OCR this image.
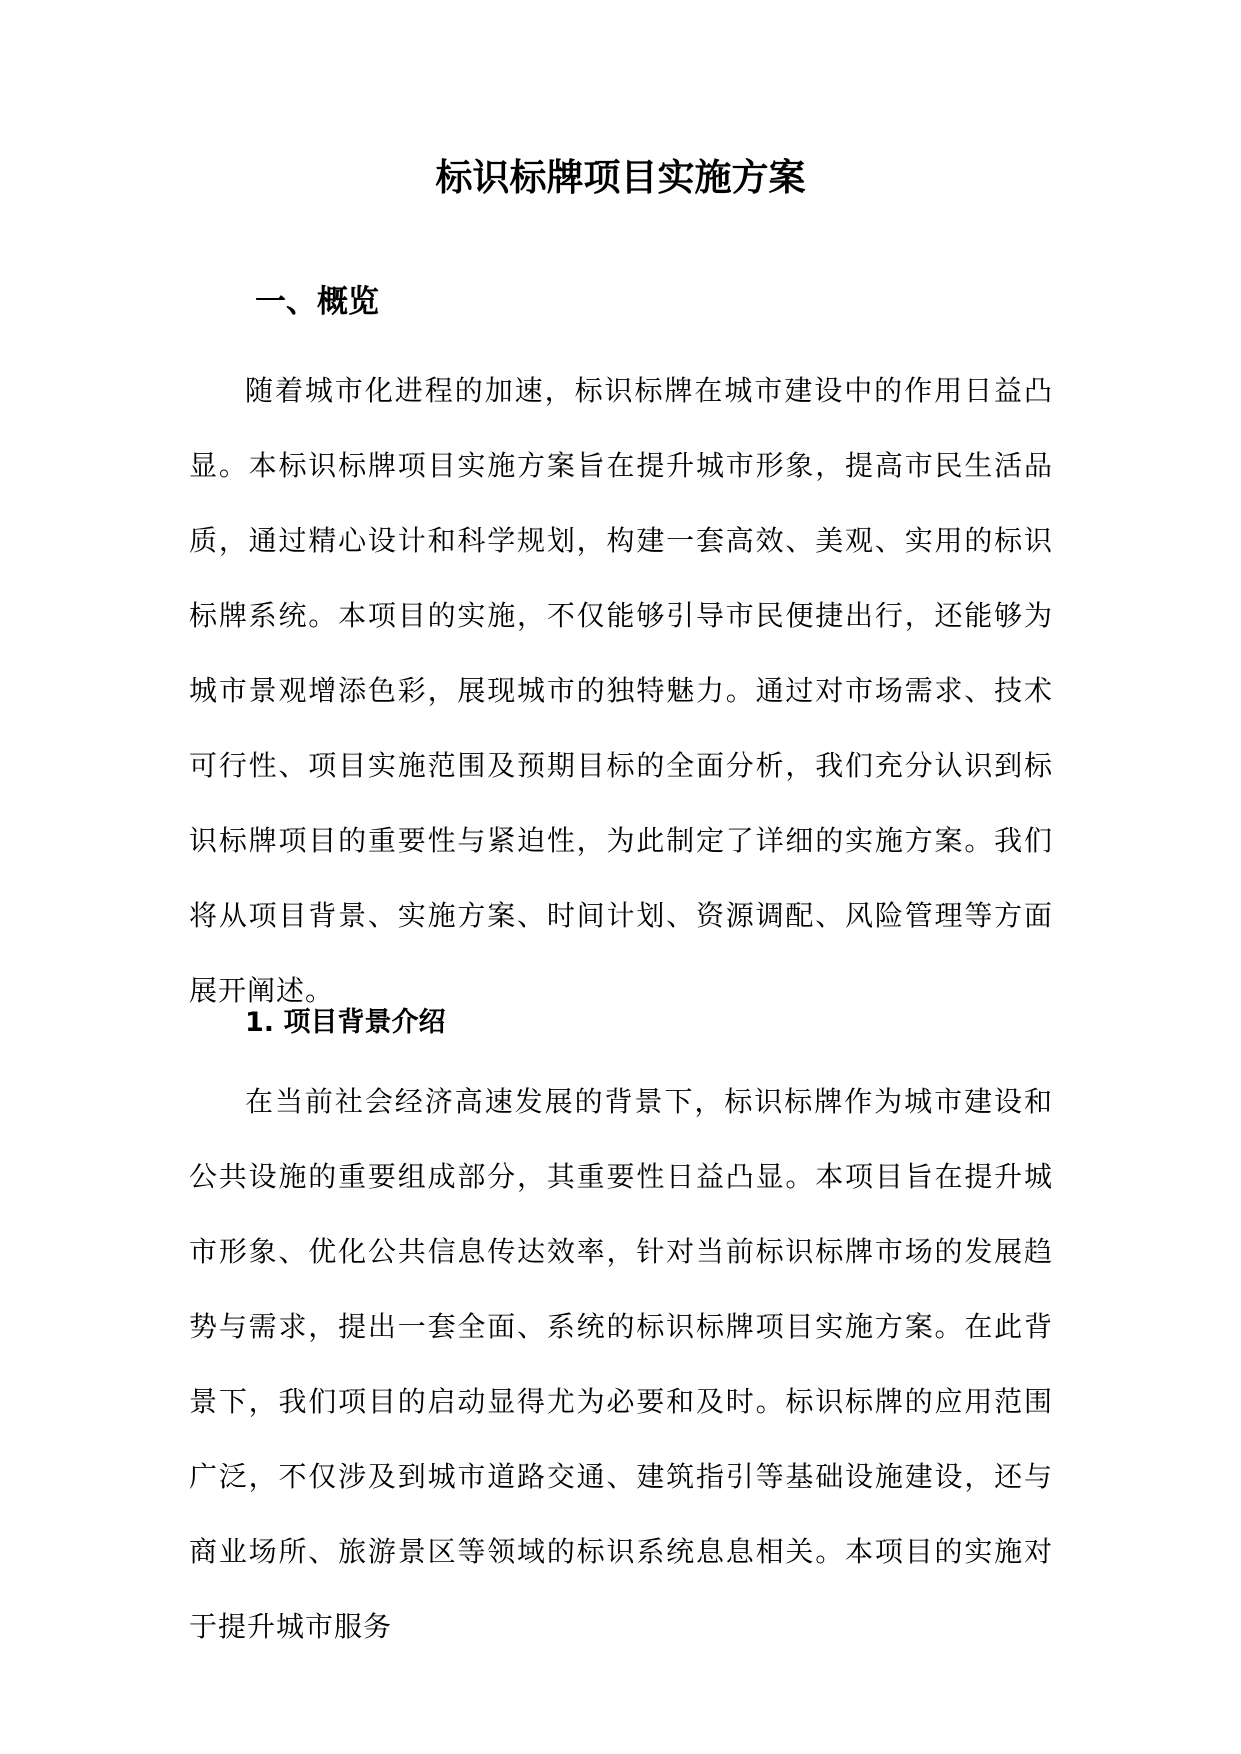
标识标牌项目实施方案
一、概览

随着城市化进程的加速，标识标牌在城市建设中的作用日益凸显。本标识标牌项目实施方案旨在提升城市形象，提高市民生活品质，通过精心设计和科学规划，构建一套高效、美观、实用的标识标牌系统。本项目的实施，不仅能够引导市民便捷出行，还能够为城市景观增添色彩，展现城市的独特魅力。通过对市场需求、技术可行性、项目实施范围及预期目标的全面分析，我们充分认识到标识标牌项目的重要性与紧迫性，为此制定了详细的实施方案。我们将从项目背景、实施方案、时间计划、资源调配、风险管理等方面展开阐述。

1. 项目背景介绍

在当前社会经济高速发展的背景下，标识标牌作为城市建设和公共设施的重要组成部分，其重要性日益凸显。本项目旨在提升城市形象、优化公共信息传达效率，针对当前标识标牌市场的发展趋势与需求，提出一套全面、系统的标识标牌项目实施方案。在此背景下，我们项目的启动显得尤为必要和及时。标识标牌的应用范围广泛，不仅涉及到城市道路交通、建筑指引等基础设施建设，还与商业场所、旅游景区等领域的标识系统息息相关。本项目的实施对于提升城市服务
